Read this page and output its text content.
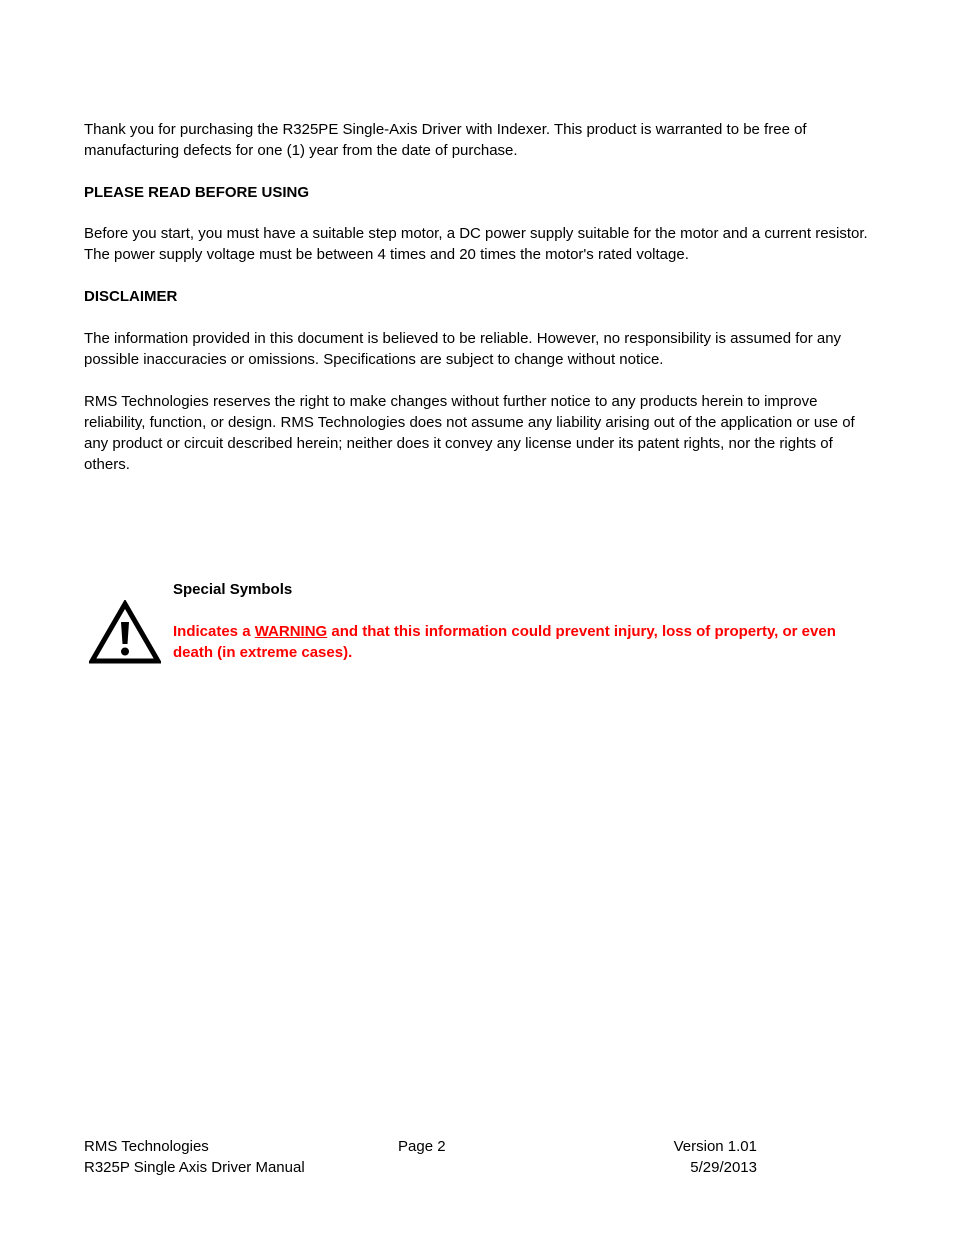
Thank you for purchasing the R325PE Single-Axis Driver with Indexer. This product is warranted to be free of manufacturing defects for one (1) year from the date of purchase.

PLEASE READ BEFORE USING

Before you start, you must have a suitable step motor, a DC power supply suitable for the motor and a current resistor. The power supply voltage must be between 4 times and 20 times the motor's rated voltage.

DISCLAIMER

The information provided in this document is believed to be reliable. However, no responsibility is assumed for any possible inaccuracies or omissions. Specifications are subject to change without notice.

RMS Technologies reserves the right to make changes without further notice to any products herein to improve reliability, function, or design. RMS Technologies does not assume any liability arising out of the application or use of any product or circuit described herein; neither does it convey any license under its patent rights, nor the rights of others.

Special Symbols

Indicates a WARNING and that this information could prevent injury, loss of property, or even death (in extreme cases).

RMS Technologies

R325P Single Axis Driver Manual

Page 2	Version 1.01

5/29/2013
